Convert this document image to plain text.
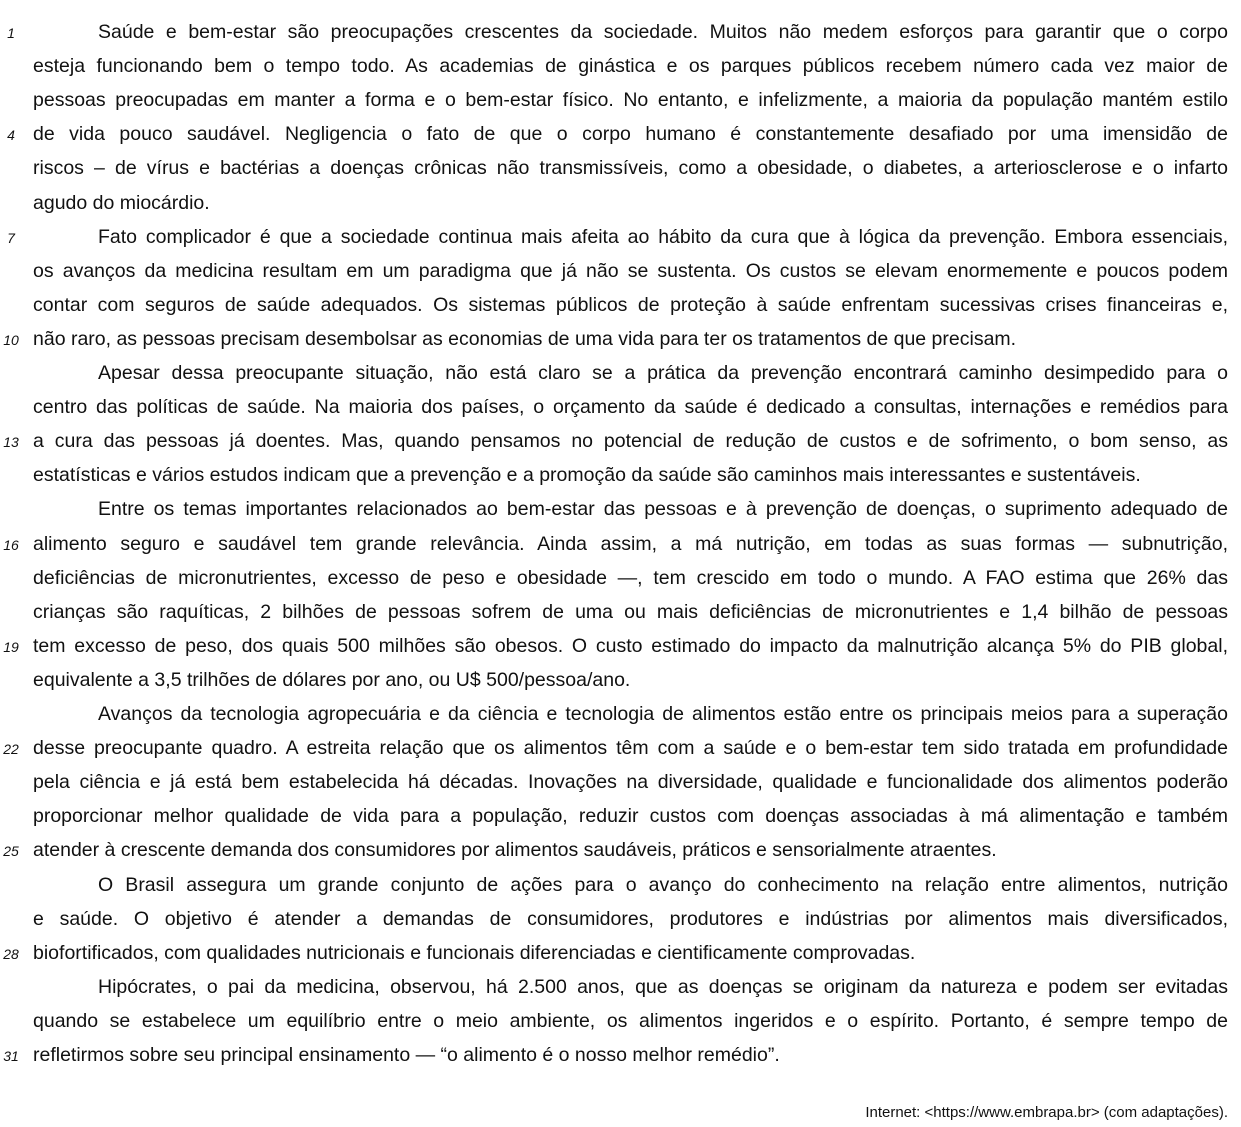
Saúde e bem-estar são preocupações crescentes da sociedade. Muitos não medem esforços para garantir que o corpo
esteja funcionando bem o tempo todo. As academias de ginástica e os parques públicos recebem número cada vez maior de
pessoas preocupadas em manter a forma e o bem-estar físico. No entanto, e infelizmente, a maioria da população mantém estilo
de vida pouco saudável. Negligencia o fato de que o corpo humano é constantemente desafiado por uma imensidão de
riscos – de vírus e bactérias a doenças crônicas não transmissíveis, como a obesidade, o diabetes, a arteriosclerose e o infarto
agudo do miocárdio.
Fato complicador é que a sociedade continua mais afeita ao hábito da cura que à lógica da prevenção. Embora essenciais,
os avanços da medicina resultam em um paradigma que já não se sustenta. Os custos se elevam enormemente e poucos podem
contar com seguros de saúde adequados. Os sistemas públicos de proteção à saúde enfrentam sucessivas crises financeiras e,
não raro, as pessoas precisam desembolsar as economias de uma vida para ter os tratamentos de que precisam.
Apesar dessa preocupante situação, não está claro se a prática da prevenção encontrará caminho desimpedido para o
centro das políticas de saúde. Na maioria dos países, o orçamento da saúde é dedicado a consultas, internações e remédios para
a cura das pessoas já doentes. Mas, quando pensamos no potencial de redução de custos e de sofrimento, o bom senso, as
estatísticas e vários estudos indicam que a prevenção e a promoção da saúde são caminhos mais interessantes e sustentáveis.
Entre os temas importantes relacionados ao bem-estar das pessoas e à prevenção de doenças, o suprimento adequado de
alimento seguro e saudável tem grande relevância. Ainda assim, a má nutrição, em todas as suas formas — subnutrição,
deficiências de micronutrientes, excesso de peso e obesidade —, tem crescido em todo o mundo. A FAO estima que 26% das
crianças são raquíticas, 2 bilhões de pessoas sofrem de uma ou mais deficiências de micronutrientes e 1,4 bilhão de pessoas
tem excesso de peso, dos quais 500 milhões são obesos. O custo estimado do impacto da malnutrição alcança 5% do PIB global,
equivalente a 3,5 trilhões de dólares por ano, ou U$ 500/pessoa/ano.
Avanços da tecnologia agropecuária e da ciência e tecnologia de alimentos estão entre os principais meios para a superação
desse preocupante quadro. A estreita relação que os alimentos têm com a saúde e o bem-estar tem sido tratada em profundidade
pela ciência e já está bem estabelecida há décadas. Inovações na diversidade, qualidade e funcionalidade dos alimentos poderão
proporcionar melhor qualidade de vida para a população, reduzir custos com doenças associadas à má alimentação e também
atender à crescente demanda dos consumidores por alimentos saudáveis, práticos e sensorialmente atraentes.
O Brasil assegura um grande conjunto de ações para o avanço do conhecimento na relação entre alimentos, nutrição
e saúde. O objetivo é atender a demandas de consumidores, produtores e indústrias por alimentos mais diversificados,
biofortificados, com qualidades nutricionais e funcionais diferenciadas e cientificamente comprovadas.
Hipócrates, o pai da medicina, observou, há 2.500 anos, que as doenças se originam da natureza e podem ser evitadas
quando se estabelece um equilíbrio entre o meio ambiente, os alimentos ingeridos e o espírito. Portanto, é sempre tempo de
refletirmos sobre seu principal ensinamento — “o alimento é o nosso melhor remédio”.
1
4
7
10
13
16
19
22
25
28
31
Internet: <https://www.embrapa.br> (com adaptações).
